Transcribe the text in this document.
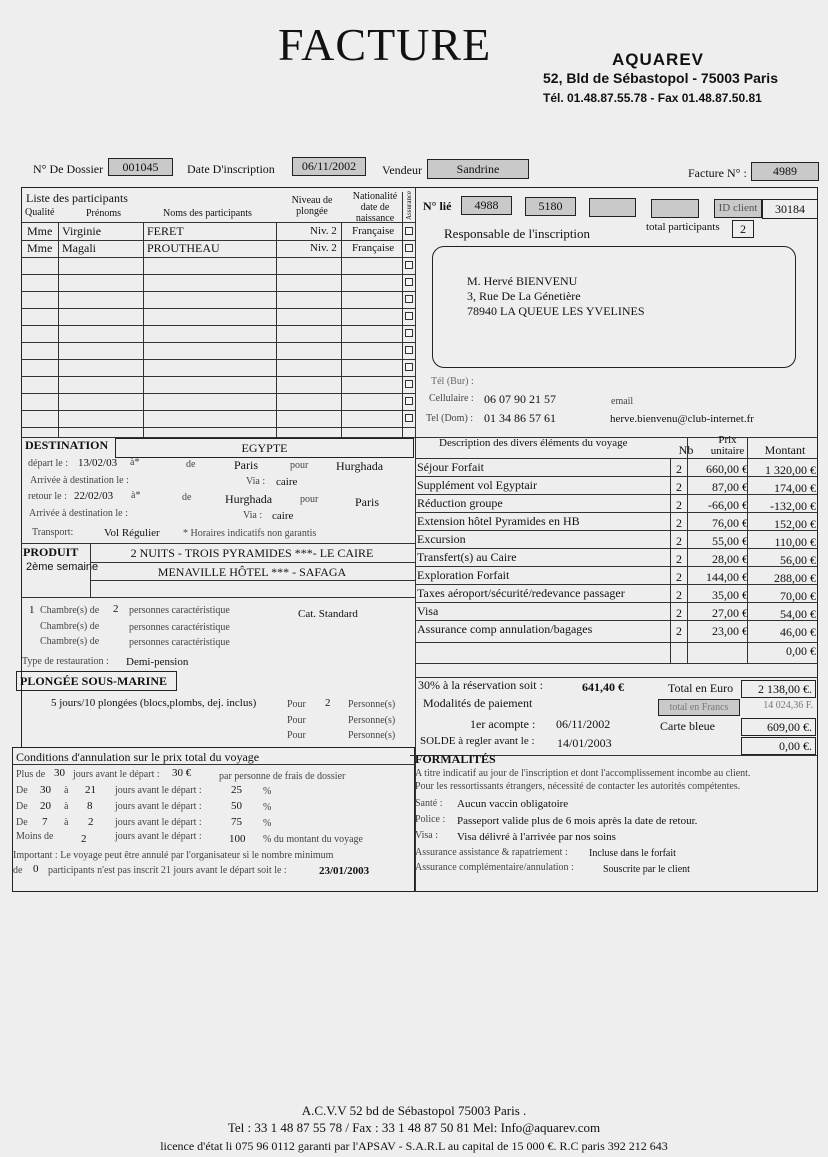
FACTURE	AQUAREV
52, Bld de Sébastopol - 75003 Paris
Tél. 01.48.87.55.78 - Fax 01.48.87.50.81
N° De Dossier	001045	Date D'inscription	06/11/2002	Vendeur	Sandrine	Facture N° :	4989
Liste des participants
Qualité	Prénoms	Noms des participants
Niveau de plongée
Nationalité date de naissance	Assurance
Mme Virginie	FERET	Niv. 2 Française
Mme Magali	PROUTHEAU	Niv. 2 Française
N° lié	4988	5180	ID client	30184
Responsable de l'inscription	total participants	2
M. Hervé BIENVENU
3, Rue De La Génetière
78940 LA QUEUE LES YVELINES
Tél (Bur) :
Cellulaire : 06 07 90 21 57	email
Tel (Dom) : 01 34 86 57 61	herve.bienvenu@club-internet.fr
DESTINATION	EGYPTE
départ le : 13/02/03 à*	de	Paris	pour Hurghada
Arrivée à destination le :	Via : caire
retour le : 22/02/03 à*	de	Hurghada	pour	Paris
Arrivée à destination le :	Via : caire
Transport:	Vol Régulier * Horaires indicatifs non garantis
PRODUIT
2ème semaine
2 NUITS - TROIS PYRAMIDES ***- LE CAIRE
MENAVILLE HÔTEL *** - SAFAGA
1 Chambre(s) de 2 personnes caractéristique	Cat. Standard
Chambre(s) de	personnes caractéristique
Chambre(s) de	personnes caractéristique
Type de restauration : Demi-pension
PLONGÉE SOUS-MARINE
5 jours/10 plongées (blocs,plombs, dej. inclus)	Pour 2 Personne(s)
Pour	Personne(s)
Pour	Personne(s)
Description des divers éléments du voyage	Nb
Prix unitaire	Montant
Séjour Forfait	2	660,00 €	1 320,00 €
Supplément vol Egyptair	2	87,00 €	174,00 €
Réduction groupe	2	-66,00 €	-132,00 €
Extension hôtel Pyramides en HB	2	76,00 €	152,00 €
Excursion	2	55,00 €	110,00 €
Transfert(s) au Caire	2	28,00 €	56,00 €
Exploration Forfait	2	144,00 €	288,00 €
Taxes aéroport/sécurité/redevance passager	2	35,00 €	70,00 €
Visa	2	27,00 €	54,00 €
Assurance comp annulation/bagages	2	23,00 €	46,00 €
0,00 €
30% à la réservation soit :	641,40 €	Total en Euro	2 138,00 €.
Modalités de paiement	total en Francs	14 024,36 F.
1er acompte : 06/11/2002	Carte bleue	609,00 €.
SOLDE à regler avant le : 14/01/2003	0,00 €.
Conditions d'annulation sur le prix total du voyage
Plus de 30 jours avant le départ : 30 €	par personne de frais de dossier
De 30 à 21 jours avant le départ :	25 %
De 20 à 8 jours avant le départ :	50 %
De 7 à 2 jours avant le départ :	75 %
Moins de	2	jours avant le départ : 100 % du montant du voyage
Important : Le voyage peut être annulé par l'organisateur si le nombre minimum
de 0 participants n'est pas inscrit 21 jours avant le départ soit le :	23/01/2003
FORMALITÉS
A titre indicatif au jour de l'inscription et dont l'accomplissement incombe au client.
Pour les ressortissants étrangers, nécessité de contacter les autorités compétentes.
Santé : Aucun vaccin obligatoire
Police : Passeport valide plus de 6 mois après la date de retour.
Visa : Visa délivré à l'arrivée par nos soins
Assurance assistance & rapatriement : Incluse dans le forfait
Assurance complémentaire/annulation :	Souscrite par le client
A.C.V.V 52 bd de Sébastopol 75003 Paris .
Tel : 33 1 48 87 55 78 / Fax : 33 1 48 87 50 81 Mel: Info@aquarev.com
licence d'état li 075 96 0112 garanti par l'APSAV - S.A.R.L au capital de 15 000 €. R.C paris 392 212 643
